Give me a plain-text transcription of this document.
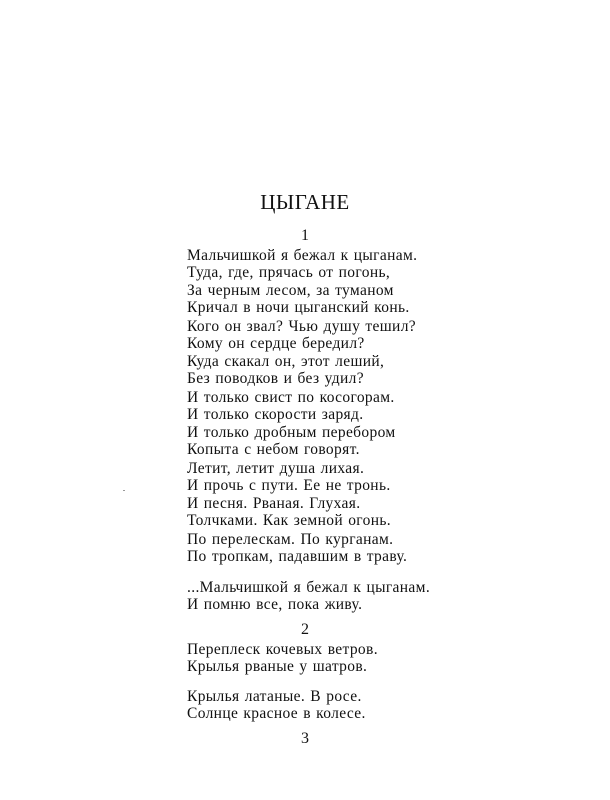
ЦЫГАНЕ
1
Мальчишкой я бежал к цыганам.
Туда, где, прячась от погонь,
За черным лесом, за туманом
Кричал в ночи цыганский конь.
Кого он звал? Чью душу тешил?
Кому он сердце бередил?
Куда скакал он, этот леший,
Без поводков и без удил?
И только свист по косогорам.
И только скорости заряд.
И только дробным перебором
Копыта с небом говорят.
Летит, летит душа лихая.
И прочь с пути. Ее не тронь.
И песня. Рваная. Глухая.
Толчками. Как земной огонь.
По перелескам. По курганам.
По тропкам, падавшим в траву.
...Мальчишкой я бежал к цыганам.
И помню все, пока живу.
2
Переплеск кочевых ветров.
Крылья рваные у шатров.
Крылья латаные. В росе.
Солнце красное в колесе.
3
